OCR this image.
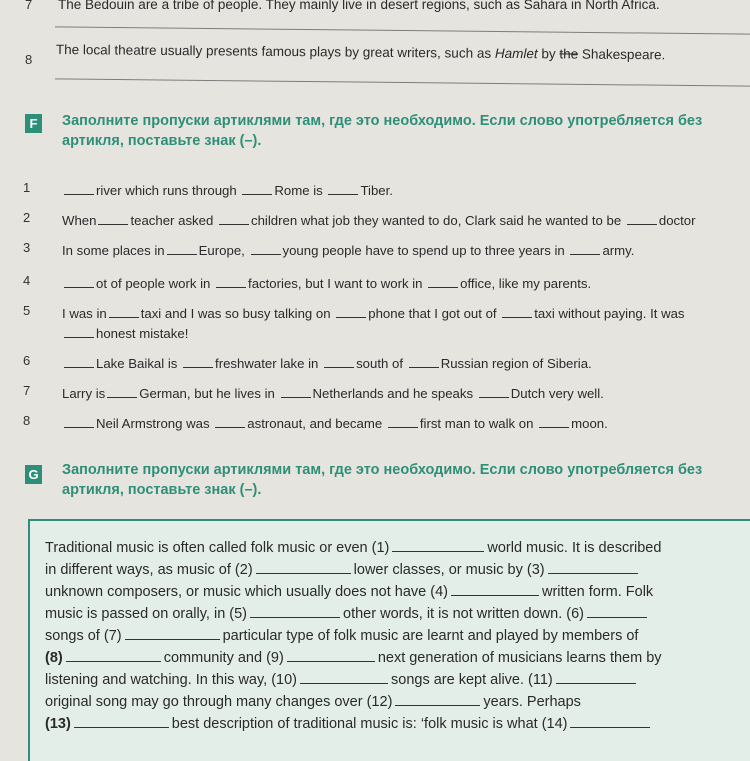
7 The Bedouin are a tribe of people. They mainly live in desert regions, such as Sahara in North Africa.
8 The local theatre usually presents famous plays by great writers, such as Hamlet by the Shakespeare.
F	Заполните пропуски артиклями там, где это необходимо. Если слово употребляется без
артикля, поставьте знак (–).
1	river which runs through	Rome is	Tiber.
2 When	teacher asked	children what job they wanted to do, Clark said he wanted to be	doctor
3 In some places in	Europe,	young people have to spend up to three years in	army.
4	ot of people work in	factories, but I want to work in	office, like my parents.
5 I was in	taxi and I was so busy talking on	phone that I got out of	taxi without paying. It was
honest mistake!
6	Lake Baikal is	freshwater lake in	south of	Russian region of Siberia.
7 Larry is	German, but he lives in	Netherlands and he speaks	Dutch very well.
8	Neil Armstrong was	astronaut, and became	first man to walk on	moon.
G Заполните пропуски артиклями там, где это необходимо. Если слово употребляется без
артикля, поставьте знак (–).
Traditional music is often called folk music or even (1)	world music. It is described
in different ways, as music of (2)	lower classes, or music by (3)
unknown composers, or music which usually does not have (4)	written form. Folk
music is passed on orally, in (5)	other words, it is not written down. (6)
songs of (7)	particular type of folk music are learnt and played by members of
(8)	community and (9)	next generation of musicians learns them by
listening and watching. In this way, (10)	songs are kept alive. (11)
original song may go through many changes over (12)	years. Perhaps
(13)	best description of traditional music is: ‘folk music is what (14)
